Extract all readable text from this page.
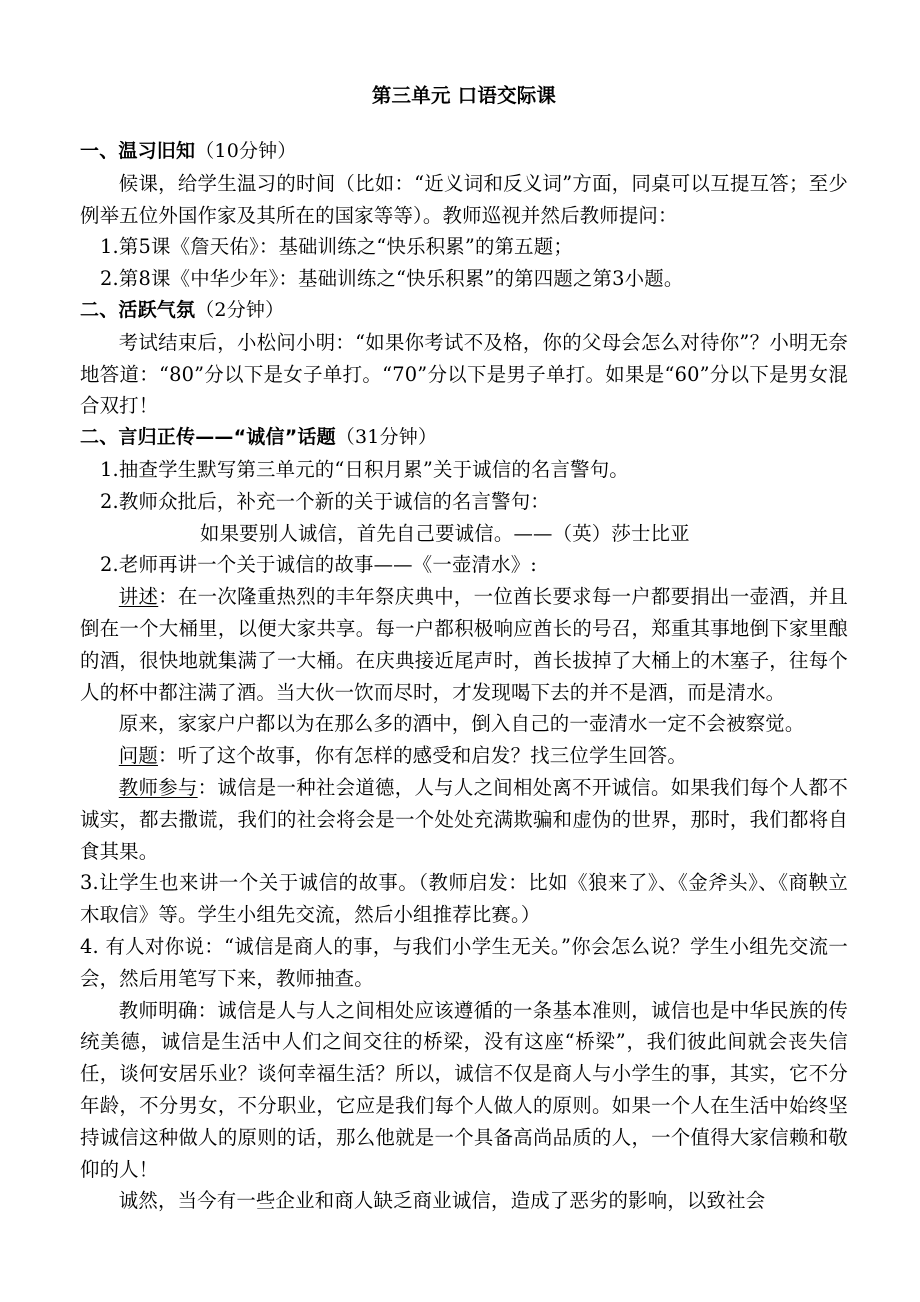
第三单元 口语交际课
一、温习旧知（10分钟）
候课，给学生温习的时间（比如：“近义词和反义词”方面，同桌可以互提互答；至少例举五位外国作家及其所在的国家等等）。教师巡视并然后教师提问：
1.第5课《詹天佑》：基础训练之“快乐积累”的第五题；
2.第8课《中华少年》：基础训练之“快乐积累”的第四题之第3小题。
二、活跃气氛（2分钟）
考试结束后，小松问小明：“如果你考试不及格，你的父母会怎么对待你”？小明无奈地答道：“80”分以下是女子单打。“70”分以下是男子单打。如果是“60”分以下是男女混合双打！
二、言归正传——“诚信”话题（31分钟）
1.抽查学生默写第三单元的“日积月累”关于诚信的名言警句。
2.教师众批后，补充一个新的关于诚信的名言警句：
如果要别人诚信，首先自己要诚信。——（英）莎士比亚
2.老师再讲一个关于诚信的故事——《一壶清水》:
讲述：在一次隆重热烈的丰年祭庆典中，一位酋长要求每一户都要捐出一壶酒，并且倒在一个大桶里，以便大家共享。每一户都积极响应酋长的号召，郑重其事地倒下家里酿的酒，很快地就集满了一大桶。在庆典接近尾声时，酋长拔掉了大桶上的木塞子，往每个人的杯中都注满了酒。当大伙一饮而尽时，才发现喝下去的并不是酒，而是清水。
原来，家家户户都以为在那么多的酒中，倒入自己的一壶清水一定不会被察觉。
问题：听了这个故事，你有怎样的感受和启发？找三位学生回答。
教师参与：诚信是一种社会道德，人与人之间相处离不开诚信。如果我们每个人都不诚实，都去撒谎，我们的社会将会是一个处处充满欺骗和虚伪的世界，那时，我们都将自食其果。
3.让学生也来讲一个关于诚信的故事。（教师启发：比如《狼来了》、《金斧头》、《商鞅立木取信》等。学生小组先交流，然后小组推荐比赛。）
4. 有人对你说：“诚信是商人的事，与我们小学生无关。”你会怎么说？学生小组先交流一会，然后用笔写下来，教师抽查。
教师明确：诚信是人与人之间相处应该遵循的一条基本准则，诚信也是中华民族的传统美德，诚信是生活中人们之间交往的桥梁，没有这座“桥梁”，我们彼此间就会丧失信任，谈何安居乐业？谈何幸福生活？所以，诚信不仅是商人与小学生的事，其实，它不分年龄，不分男女，不分职业，它应是我们每个人做人的原则。如果一个人在生活中始终坚持诚信这种做人的原则的话，那么他就是一个具备高尚品质的人，一个值得大家信赖和敬仰的人！
诚然，当今有一些企业和商人缺乏商业诚信，造成了恶劣的影响，以致社会
